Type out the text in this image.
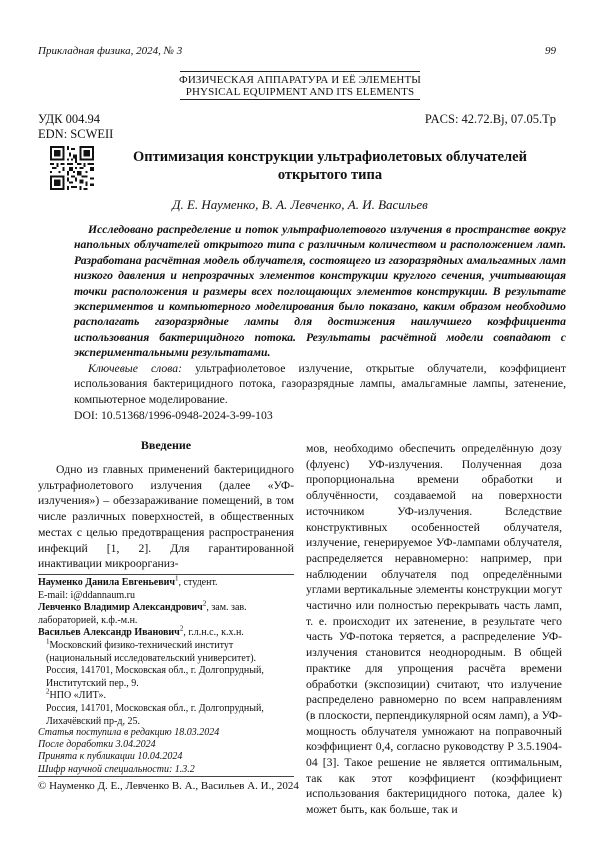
Прикладная физика, 2024, № 3	99
ФИЗИЧЕСКАЯ АППАРАТУРА И ЕЁ ЭЛЕМЕНТЫ
PHYSICAL EQUIPMENT AND ITS ELEMENTS
УДК 004.94
EDN: SCWEII
PACS: 42.72.Bj, 07.05.Tp
Оптимизация конструкции ультрафиолетовых облучателей
открытого типа
Д. Е. Науменко, В. А. Левченко, А. И. Васильев
Исследовано распределение и поток ультрафиолетового излучения в пространстве вокруг напольных облучателей открытого типа с различным количеством и расположением ламп. Разработана расчётная модель облучателя, состоящего из газоразрядных амальгамных ламп низкого давления и непрозрачных элементов конструкции круглого сечения, учитывающая точки расположения и размеры всех поглощающих элементов конструкции. В результате экспериментов и компьютерного моделирования было показано, каким образом необходимо располагать газоразрядные лампы для достижения наилучшего коэффициента использования бактерицидного потока. Результаты расчётной модели совпадают с экспериментальными результатами.
Ключевые слова: ультрафиолетовое излучение, открытые облучатели, коэффициент использования бактерицидного потока, газоразрядные лампы, амальгамные лампы, затенение, компьютерное моделирование.
DOI: 10.51368/1996-0948-2024-3-99-103
Введение

Одно из главных применений бактерицидного ультрафиолетового излучения (далее «УФ-излучения») – обеззараживание помещений, в том числе различных поверхностей, в общественных местах с целью предотвращения распространения инфекций [1, 2]. Для гарантированной инактивации микроорганиз-

Науменко Данила Евгеньевич$^1$, студент.
E-mail: i@ddannaum.ru
Левченко Владимир Александрович$^2$, зам. зав. лабораторией, к.ф.-м.н.
Васильев Александр Иванович$^2$, г.л.н.с., к.х.н.
$^1$Московский физико-технический институт (национальный исследовательский университет).
Россия, 141701, Московская обл., г. Долгопрудный, Институтский пер., 9.
$^2$НПО «ЛИТ».
Россия, 141701, Московская обл., г. Долгопрудный, Лихачёвский пр-д, 25.
Статья поступила в редакцию 18.03.2024
После доработки 3.04.2024
Принята к публикации 10.04.2024
Шифр научной специальности: 1.3.2
© Науменко Д. Е., Левченко В. А., Васильев А. И., 2024

мов, необходимо обеспечить определённую дозу (флуенс) УФ-излучения. Полученная доза пропорциональна времени обработки и облучённости, создаваемой на поверхности источником УФ-излучения. Вследствие конструктивных особенностей облучателя, излучение, генерируемое УФ-лампами облучателя, распределяется неравномерно: например, при наблюдении облучателя под определёнными углами вертикальные элементы конструкции могут частично или полностью перекрывать часть ламп, т. е. происходит их затенение, в результате чего часть УФ-потока теряется, а распределение УФ-излучения становится неоднородным. В общей практике для упрощения расчёта времени обработки (экспозиции) считают, что излучение распределено равномерно по всем направлениям (в плоскости, перпендикулярной осям ламп), а УФ-мощность облучателя умножают на поправочный коэффициент 0,4, согласно руководству Р 3.5.1904-04 [3]. Такое решение не является оптимальным, так как этот коэффициент (коэффициент использования бактерицидного потока, далее k) может быть, как больше, так и
